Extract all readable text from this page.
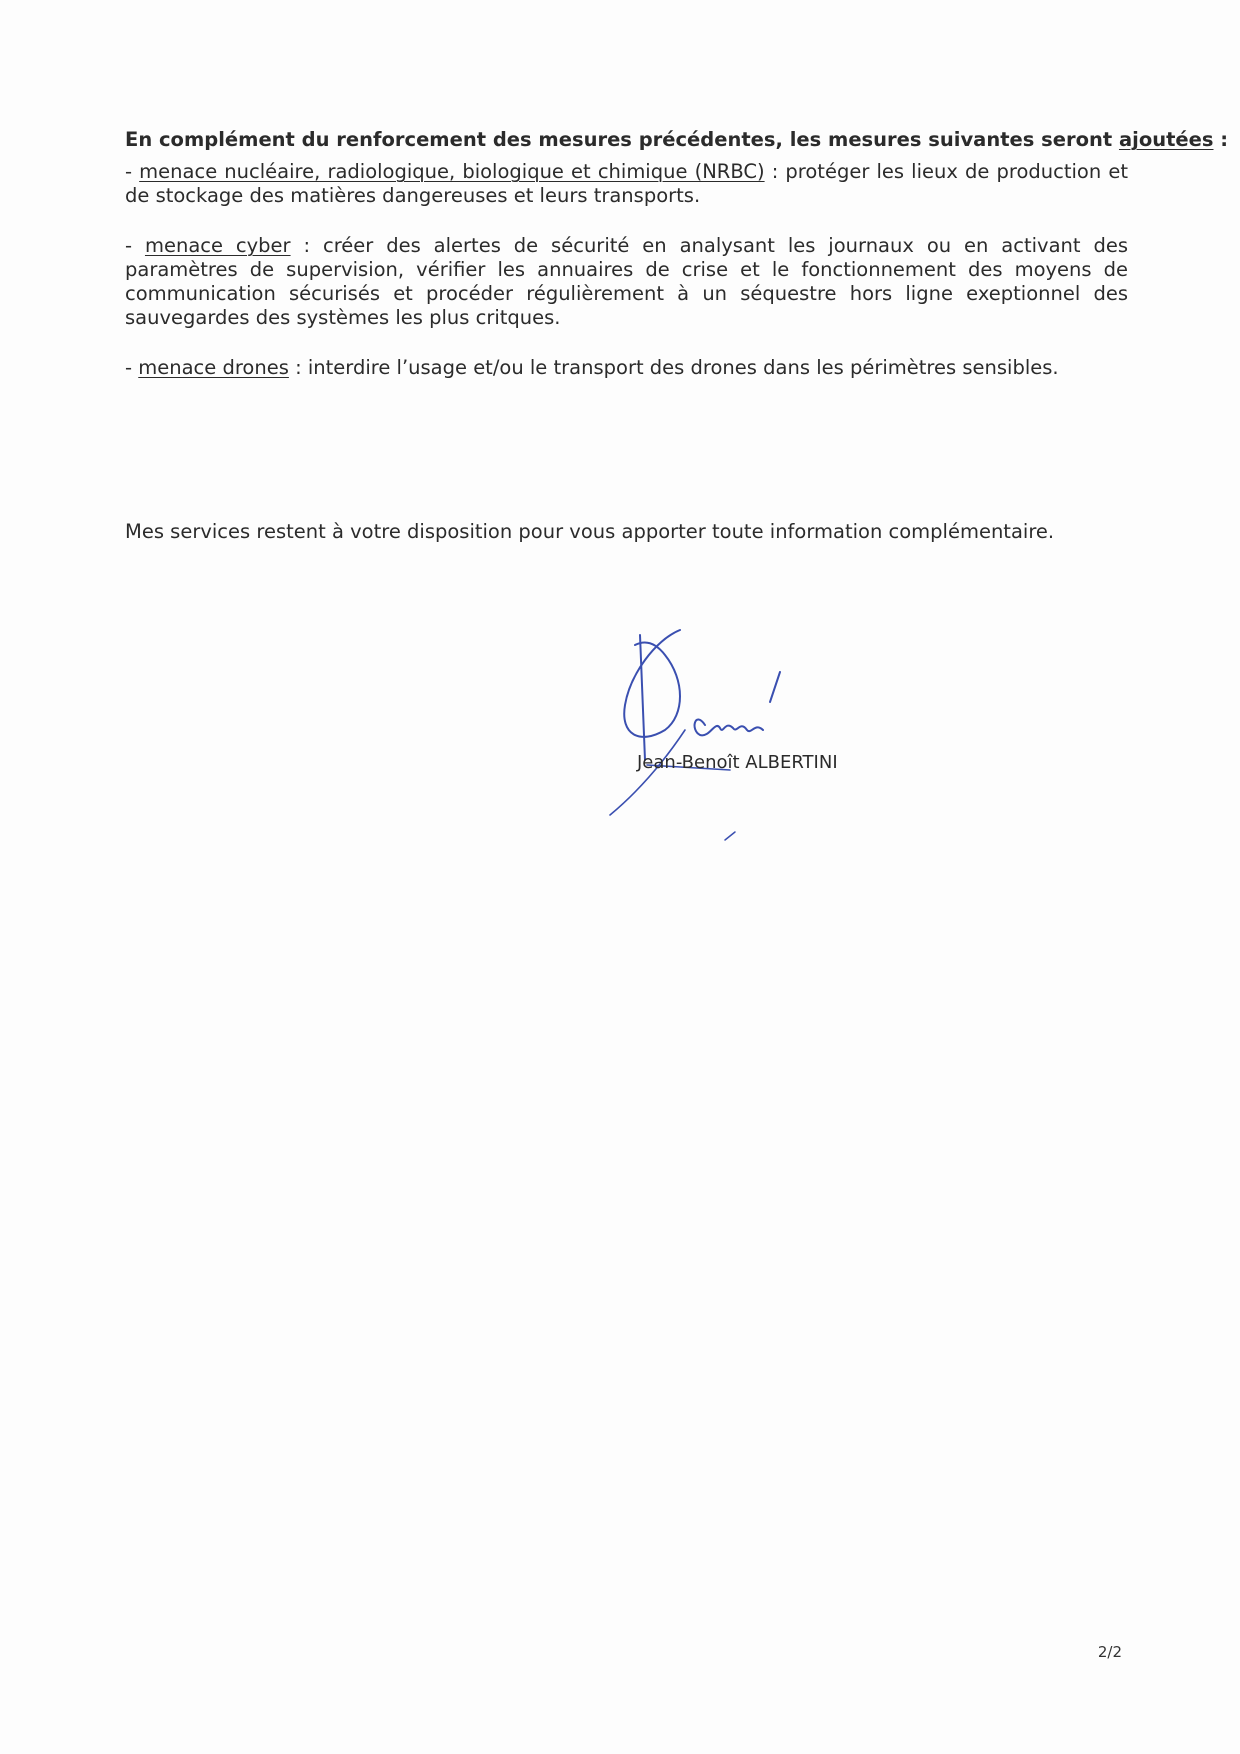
En complément du renforcement des mesures précédentes, les mesures suivantes seront ajoutées :

- menace nucléaire, radiologique, biologique et chimique (NRBC) : protéger les lieux de production et de stockage des matières dangereuses et leurs transports.

- menace cyber : créer des alertes de sécurité en analysant les journaux ou en activant des paramètres de supervision, vérifier les annuaires de crise et le fonctionnement des moyens de communication sécurisés et procéder régulièrement à un séquestre hors ligne exeptionnel des sauvegardes des systèmes les plus critques.

- menace drones : interdire l’usage et/ou le transport des drones dans les périmètres sensibles.

Mes services restent à votre disposition pour vous apporter toute information complémentaire.

Jean-Benoît ALBERTINI
2/2
